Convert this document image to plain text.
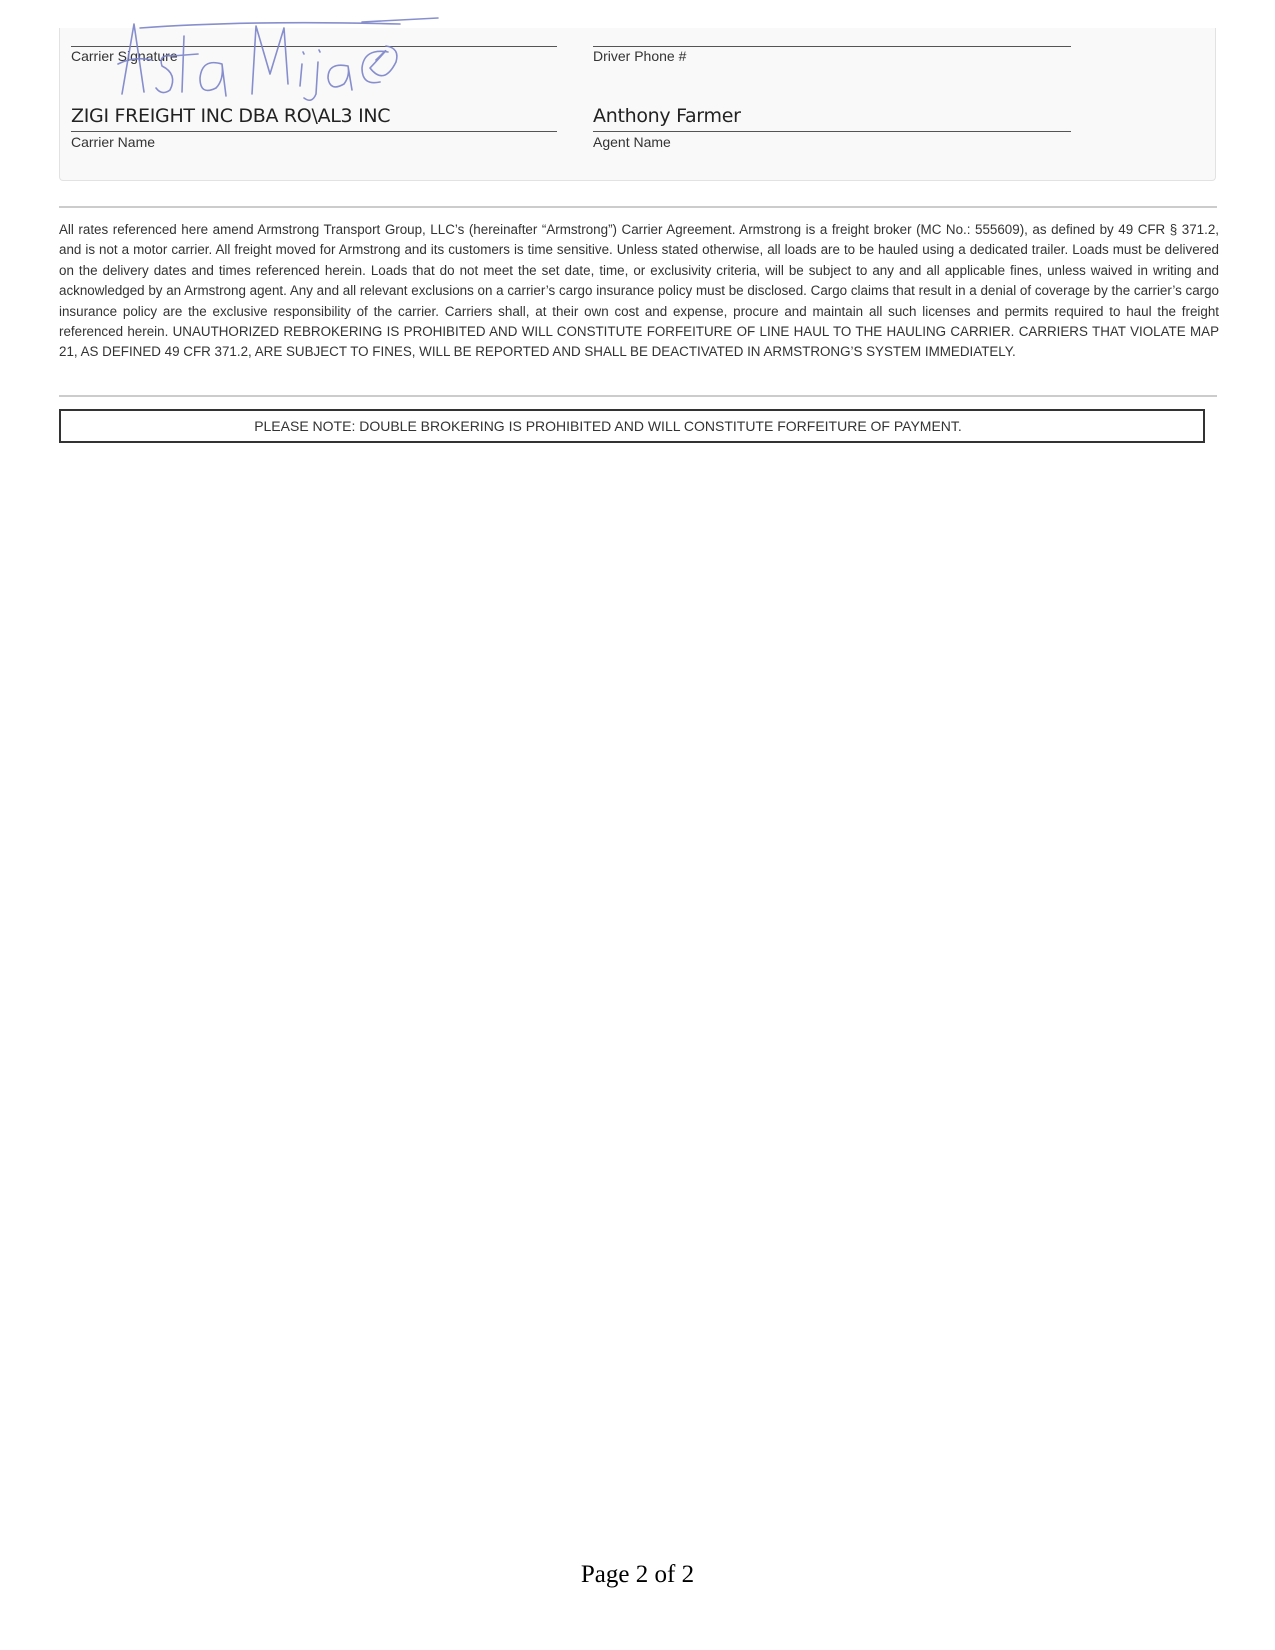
Carrier Signature	Driver Phone #
ZIGI FREIGHT INC DBA RO\AL3 INC
Carrier Name
Anthony Farmer
Agent Name
All rates referenced here amend Armstrong Transport Group, LLC’s (hereinafter “Armstrong”) Carrier Agreement. Armstrong is a freight broker (MC No.: 555609), as defined by 49 CFR § 371.2, and is not a motor carrier. All freight moved for Armstrong and its customers is time sensitive. Unless stated otherwise, all loads are to be hauled using a dedicated trailer. Loads must be delivered on the delivery dates and times referenced herein. Loads that do not meet the set date, time, or exclusivity criteria, will be subject to any and all applicable fines, unless waived in writing and acknowledged by an Armstrong agent. Any and all relevant exclusions on a carrier’s cargo insurance policy must be disclosed. Cargo claims that result in a denial of coverage by the carrier’s cargo insurance policy are the exclusive responsibility of the carrier. Carriers shall, at their own cost and expense, procure and maintain all such licenses and permits required to haul the freight referenced herein. UNAUTHORIZED REBROKERING IS PROHIBITED AND WILL CONSTITUTE FORFEITURE OF LINE HAUL TO THE HAULING CARRIER. CARRIERS THAT VIOLATE MAP 21, AS DEFINED 49 CFR 371.2, ARE SUBJECT TO FINES, WILL BE REPORTED AND SHALL BE DEACTIVATED IN ARMSTRONG’S SYSTEM IMMEDIATELY.
PLEASE NOTE: DOUBLE BROKERING IS PROHIBITED AND WILL CONSTITUTE FORFEITURE OF PAYMENT.
Page 2 of 2
